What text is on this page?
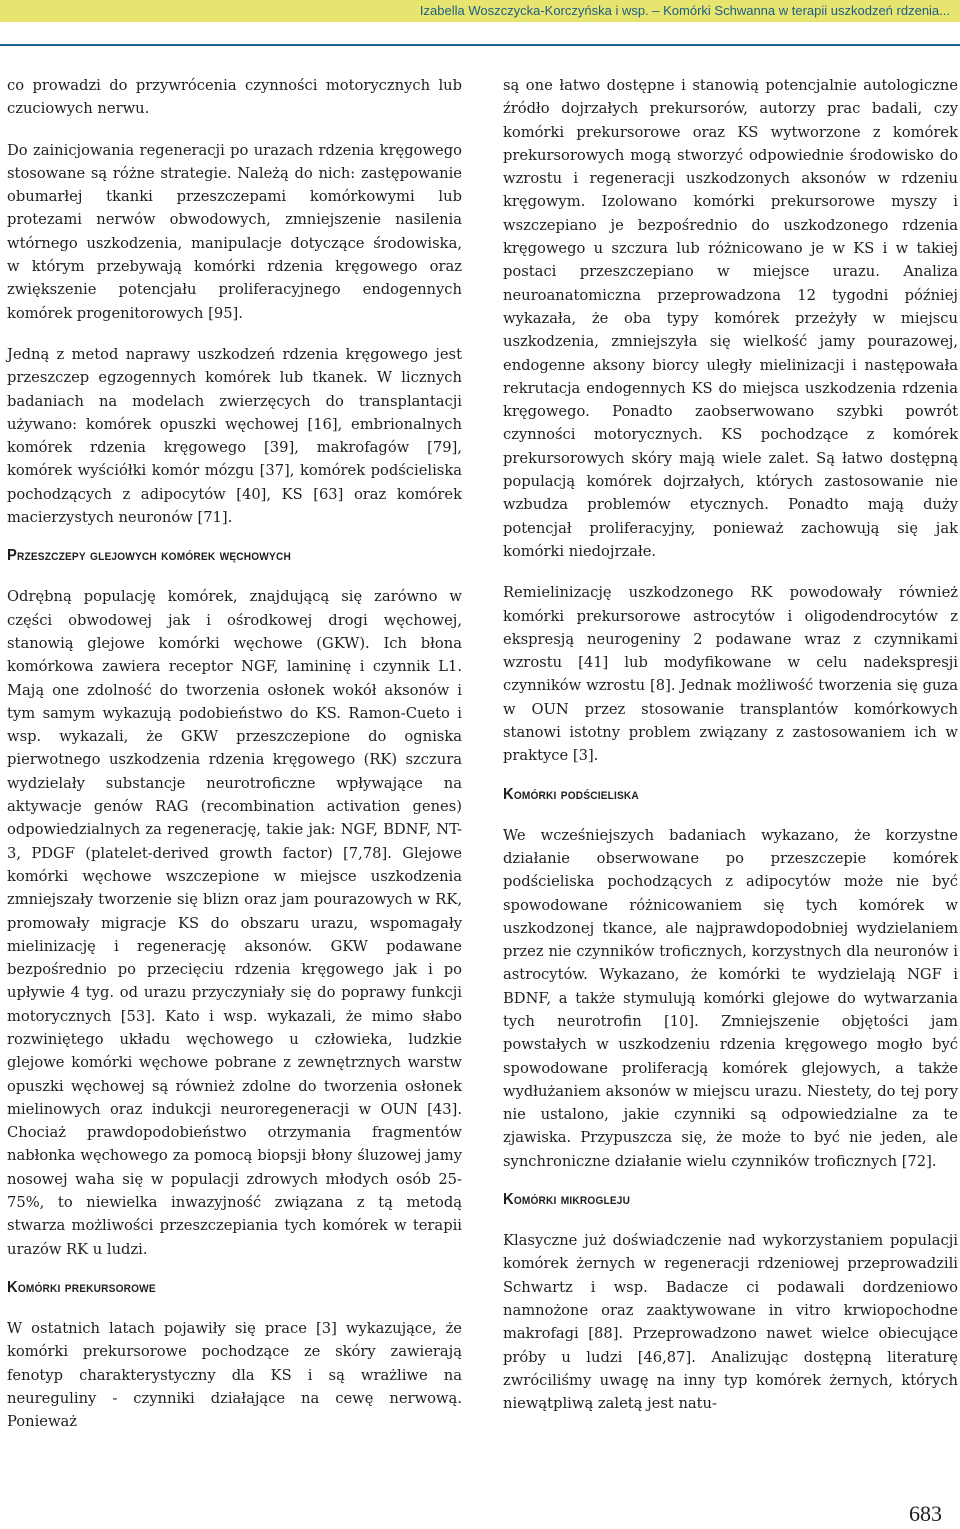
Izabella Woszczycka-Korczyńska i wsp. – Komórki Schwanna w terapii uszkodzeń rdzenia...

co prowadzi do przywrócenia czynności motorycznych lub czuciowych nerwu.

Do zainicjowania regeneracji po urazach rdzenia kręgowego stosowane są różne strategie. Należą do nich: zastępowanie obumarłej tkanki przeszczepami komórkowymi lub protezami nerwów obwodowych, zmniejszenie nasilenia wtórnego uszkodzenia, manipulacje dotyczące środowiska, w którym przebywają komórki rdzenia kręgowego oraz zwiększenie potencjału proliferacyjnego endogennych komórek progenitorowych [95].

Jedną z metod naprawy uszkodzeń rdzenia kręgowego jest przeszczep egzogennych komórek lub tkanek. W licznych badaniach na modelach zwierzęcych do transplantacji używano: komórek opuszki węchowej [16], embrionalnych komórek rdzenia kręgowego [39], makrofagów [79], komórek wyściółki komór mózgu [37], komórek podścieliska pochodzących z adipocytów [40], KS [63] oraz komórek macierzystych neuronów [71].

Przeszczepy glejowych komórek węchowych

Odrębną populację komórek, znajdującą się zarówno w części obwodowej jak i ośrodkowej drogi węchowej, stanowią glejowe komórki węchowe (GKW). Ich błona komórkowa zawiera receptor NGF, lamininę i czynnik L1. Mają one zdolność do tworzenia osłonek wokół aksonów i tym samym wykazują podobieństwo do KS. Ramon-Cueto i wsp. wykazali, że GKW przeszczepione do ogniska pierwotnego uszkodzenia rdzenia kręgowego (RK) szczura wydzielały substancje neurotroficzne wpływające na aktywacje genów RAG (recombination activation genes) odpowiedzialnych za regenerację, takie jak: NGF, BDNF, NT-3, PDGF (platelet-derived growth factor) [7,78]. Glejowe komórki węchowe wszczepione w miejsce uszkodzenia zmniejszały tworzenie się blizn oraz jam pourazowych w RK, promowały migracje KS do obszaru urazu, wspomagały mielinizację i regenerację aksonów. GKW podawane bezpośrednio po przecięciu rdzenia kręgowego jak i po upływie 4 tyg. od urazu przyczyniały się do poprawy funkcji motorycznych [53]. Kato i wsp. wykazali, że mimo słabo rozwiniętego układu węchowego u człowieka, ludzkie glejowe komórki węchowe pobrane z zewnętrznych warstw opuszki węchowej są również zdolne do tworzenia osłonek mielinowych oraz indukcji neuroregeneracji w OUN [43]. Chociaż prawdopodobieństwo otrzymania fragmentów nabłonka węchowego za pomocą biopsji błony śluzowej jamy nosowej waha się w populacji zdrowych młodych osób 25-75%, to niewielka inwazyjność związana z tą metodą stwarza możliwości przeszczepiania tych komórek w terapii urazów RK u ludzi.

Komórki prekursorowe

W ostatnich latach pojawiły się prace [3] wykazujące, że komórki prekursorowe pochodzące ze skóry zawierają fenotyp charakterystyczny dla KS i są wrażliwe na neureguliny - czynniki działające na cewę nerwową. Ponieważ

są one łatwo dostępne i stanowią potencjalnie autologiczne źródło dojrzałych prekursorów, autorzy prac badali, czy komórki prekursorowe oraz KS wytworzone z komórek prekursorowych mogą stworzyć odpowiednie środowisko do wzrostu i regeneracji uszkodzonych aksonów w rdzeniu kręgowym. Izolowano komórki prekursorowe myszy i wszczepiano je bezpośrednio do uszkodzonego rdzenia kręgowego u szczura lub różnicowano je w KS i w takiej postaci przeszczepiano w miejsce urazu. Analiza neuroanatomiczna przeprowadzona 12 tygodni później wykazała, że oba typy komórek przeżyły w miejscu uszkodzenia, zmniejszyła się wielkość jamy pourazowej, endogenne aksony biorcy uległy mielinizacji i następowała rekrutacja endogennych KS do miejsca uszkodzenia rdzenia kręgowego. Ponadto zaobserwowano szybki powrót czynności motorycznych. KS pochodzące z komórek prekursorowych skóry mają wiele zalet. Są łatwo dostępną populacją komórek dojrzałych, których zastosowanie nie wzbudza problemów etycznych. Ponadto mają duży potencjał proliferacyjny, ponieważ zachowują się jak komórki niedojrzałe.

Remielinizację uszkodzonego RK powodowały również komórki prekursorowe astrocytów i oligodendrocytów z ekspresją neurogeniny 2 podawane wraz z czynnikami wzrostu [41] lub modyfikowane w celu nadekspresji czynników wzrostu [8]. Jednak możliwość tworzenia się guza w OUN przez stosowanie transplantów komórkowych stanowi istotny problem związany z zastosowaniem ich w praktyce [3].

Komórki podścieliska

We wcześniejszych badaniach wykazano, że korzystne działanie obserwowane po przeszczepie komórek podścieliska pochodzących z adipocytów może nie być spowodowane różnicowaniem się tych komórek w uszkodzonej tkance, ale najprawdopodobniej wydzielaniem przez nie czynników troficznych, korzystnych dla neuronów i astrocytów. Wykazano, że komórki te wydzielają NGF i BDNF, a także stymulują komórki glejowe do wytwarzania tych neurotrofin [10]. Zmniejszenie objętości jam powstałych w uszkodzeniu rdzenia kręgowego mogło być spowodowane proliferacją komórek glejowych, a także wydłużaniem aksonów w miejscu urazu. Niestety, do tej pory nie ustalono, jakie czynniki są odpowiedzialne za te zjawiska. Przypuszcza się, że może to być nie jeden, ale synchroniczne działanie wielu czynników troficznych [72].

Komórki mikrogleju

Klasyczne już doświadczenie nad wykorzystaniem populacji komórek żernych w regeneracji rdzeniowej przeprowadzili Schwartz i wsp. Badacze ci podawali dordzeniowo namnożone oraz zaaktywowane in vitro krwiopochodne makrofagi [88]. Przeprowadzono nawet wielce obiecujące próby u ludzi [46,87]. Analizując dostępną literaturę zwróciliśmy uwagę na inny typ komórek żernych, których niewątpliwą zaletą jest natu-

683
